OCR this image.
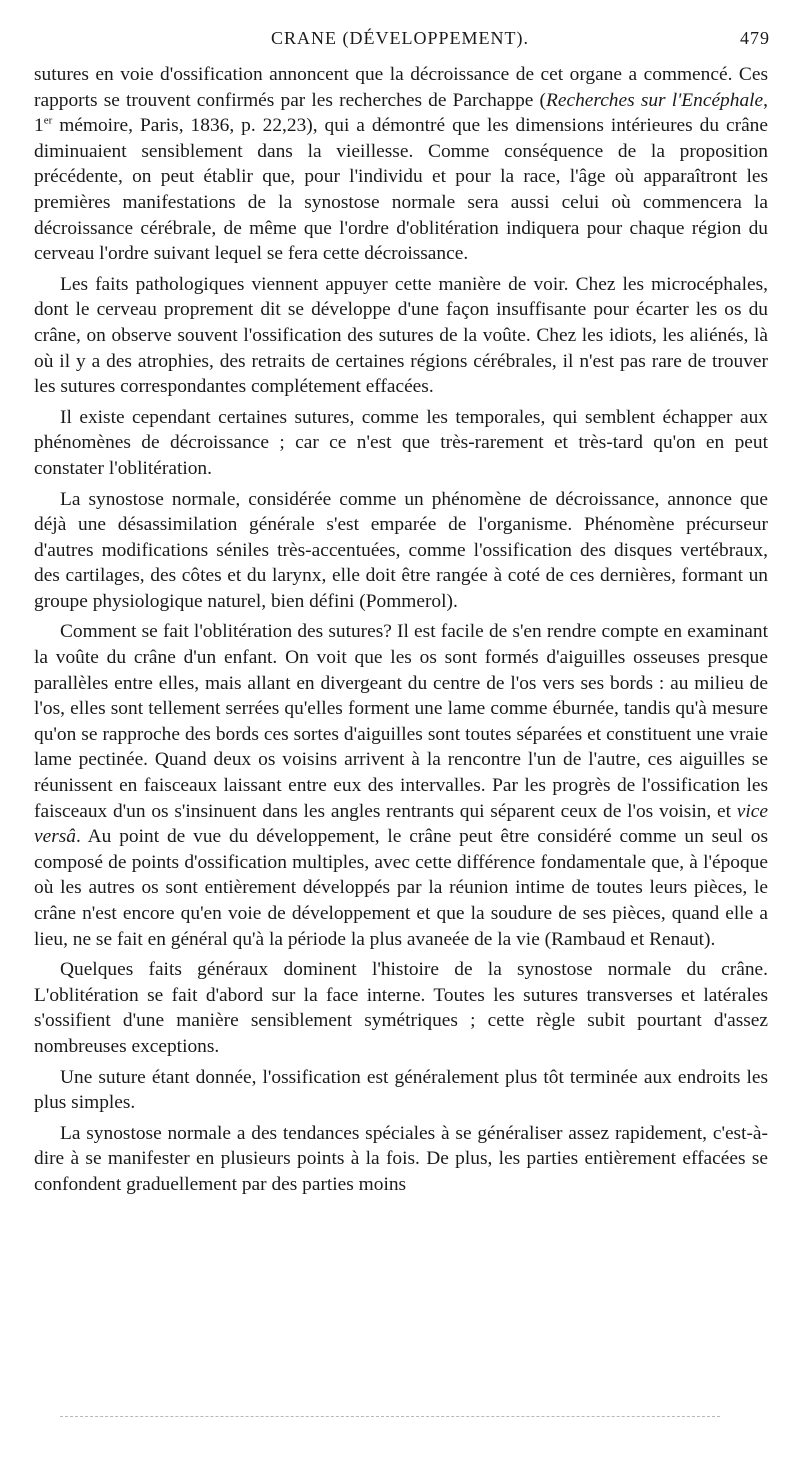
CRANE (DÉVELOPPEMENT).	479

sutures en voie d'ossification annoncent que la décroissance de cet organe a commencé. Ces rapports se trouvent confirmés par les recherches de Parchappe (Recherches sur l'Encéphale, 1er mémoire, Paris, 1836, p. 22,23), qui a démontré que les dimensions intérieures du crâne diminuaient sensiblement dans la vieillesse. Comme conséquence de la proposition précédente, on peut établir que, pour l'individu et pour la race, l'âge où apparaîtront les premières manifestations de la synostose normale sera aussi celui où commencera la décroissance cérébrale, de même que l'ordre d'oblitération indiquera pour chaque région du cerveau l'ordre suivant lequel se fera cette décroissance.

Les faits pathologiques viennent appuyer cette manière de voir. Chez les microcéphales, dont le cerveau proprement dit se développe d'une façon insuffisante pour écarter les os du crâne, on observe souvent l'ossification des sutures de la voûte. Chez les idiots, les aliénés, là où il y a des atrophies, des retraits de certaines régions cérébrales, il n'est pas rare de trouver les sutures correspondantes complétement effacées.

Il existe cependant certaines sutures, comme les temporales, qui semblent échapper aux phénomènes de décroissance ; car ce n'est que très-rarement et très-tard qu'on en peut constater l'oblitération.

La synostose normale, considérée comme un phénomène de décroissance, annonce que déjà une désassimilation générale s'est emparée de l'organisme. Phénomène précurseur d'autres modifications séniles très-accentuées, comme l'ossification des disques vertébraux, des cartilages, des côtes et du larynx, elle doit être rangée à coté de ces dernières, formant un groupe physiologique naturel, bien défini (Pommerol).

Comment se fait l'oblitération des sutures? Il est facile de s'en rendre compte en examinant la voûte du crâne d'un enfant. On voit que les os sont formés d'aiguilles osseuses presque parallèles entre elles, mais allant en divergeant du centre de l'os vers ses bords : au milieu de l'os, elles sont tellement serrées qu'elles forment une lame comme éburnée, tandis qu'à mesure qu'on se rapproche des bords ces sortes d'aiguilles sont toutes séparées et constituent une vraie lame pectinée. Quand deux os voisins arrivent à la rencontre l'un de l'autre, ces aiguilles se réunissent en faisceaux laissant entre eux des intervalles. Par les progrès de l'ossification les faisceaux d'un os s'insinuent dans les angles rentrants qui séparent ceux de l'os voisin, et vice versâ. Au point de vue du développement, le crâne peut être considéré comme un seul os composé de points d'ossification multiples, avec cette différence fondamentale que, à l'époque où les autres os sont entièrement développés par la réunion intime de toutes leurs pièces, le crâne n'est encore qu'en voie de développement et que la soudure de ses pièces, quand elle a lieu, ne se fait en général qu'à la période la plus avaneée de la vie (Rambaud et Renaut).

Quelques faits généraux dominent l'histoire de la synostose normale du crâne. L'oblitération se fait d'abord sur la face interne. Toutes les sutures transverses et latérales s'ossifient d'une manière sensiblement symétriques ; cette règle subit pourtant d'assez nombreuses exceptions.

Une suture étant donnée, l'ossification est généralement plus tôt terminée aux endroits les plus simples.

La synostose normale a des tendances spéciales à se généraliser assez rapidement, c'est-à-dire à se manifester en plusieurs points à la fois. De plus, les parties entièrement effacées se confondent graduellement par des parties moins
